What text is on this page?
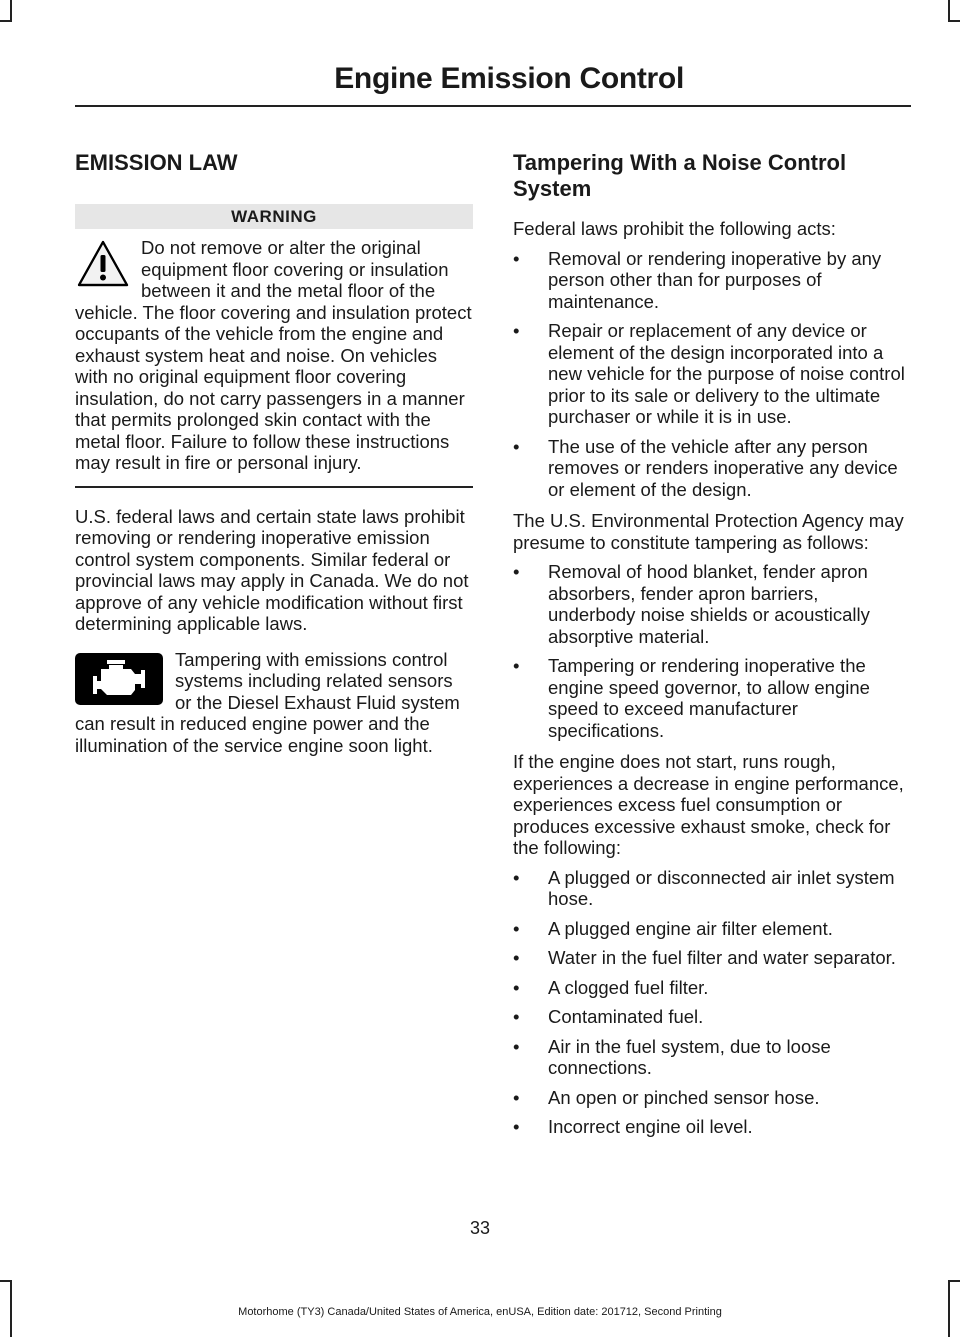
Engine Emission Control
EMISSION LAW
WARNING
Do not remove or alter the original equipment floor covering or insulation between it and the metal floor of the vehicle. The floor covering and insulation protect occupants of the vehicle from the engine and exhaust system heat and noise. On vehicles with no original equipment floor covering insulation, do not carry passengers in a manner that permits prolonged skin contact with the metal floor. Failure to follow these instructions may result in fire or personal injury.

U.S. federal laws and certain state laws prohibit removing or rendering inoperative emission control system components. Similar federal or provincial laws may apply in Canada. We do not approve of any vehicle modification without first determining applicable laws.

Tampering with emissions control systems including related sensors or the Diesel Exhaust Fluid system can result in reduced engine power and the illumination of the service engine soon light.

Tampering With a Noise Control System

Federal laws prohibit the following acts:

• Removal or rendering inoperative by any person other than for purposes of maintenance.
• Repair or replacement of any device or element of the design incorporated into a new vehicle for the purpose of noise control prior to its sale or delivery to the ultimate purchaser or while it is in use.
• The use of the vehicle after any person removes or renders inoperative any device or element of the design.

The U.S. Environmental Protection Agency may presume to constitute tampering as follows:

• Removal of hood blanket, fender apron absorbers, fender apron barriers, underbody noise shields or acoustically absorptive material.
• Tampering or rendering inoperative the engine speed governor, to allow engine speed to exceed manufacturer specifications.

If the engine does not start, runs rough, experiences a decrease in engine performance, experiences excess fuel consumption or produces excessive exhaust smoke, check for the following:

• A plugged or disconnected air inlet system hose.
• A plugged engine air filter element.
• Water in the fuel filter and water separator.
• A clogged fuel filter.
• Contaminated fuel.
• Air in the fuel system, due to loose connections.
• An open or pinched sensor hose.
• Incorrect engine oil level.
33
Motorhome (TY3) Canada/United States of America, enUSA, Edition date: 201712, Second Printing
